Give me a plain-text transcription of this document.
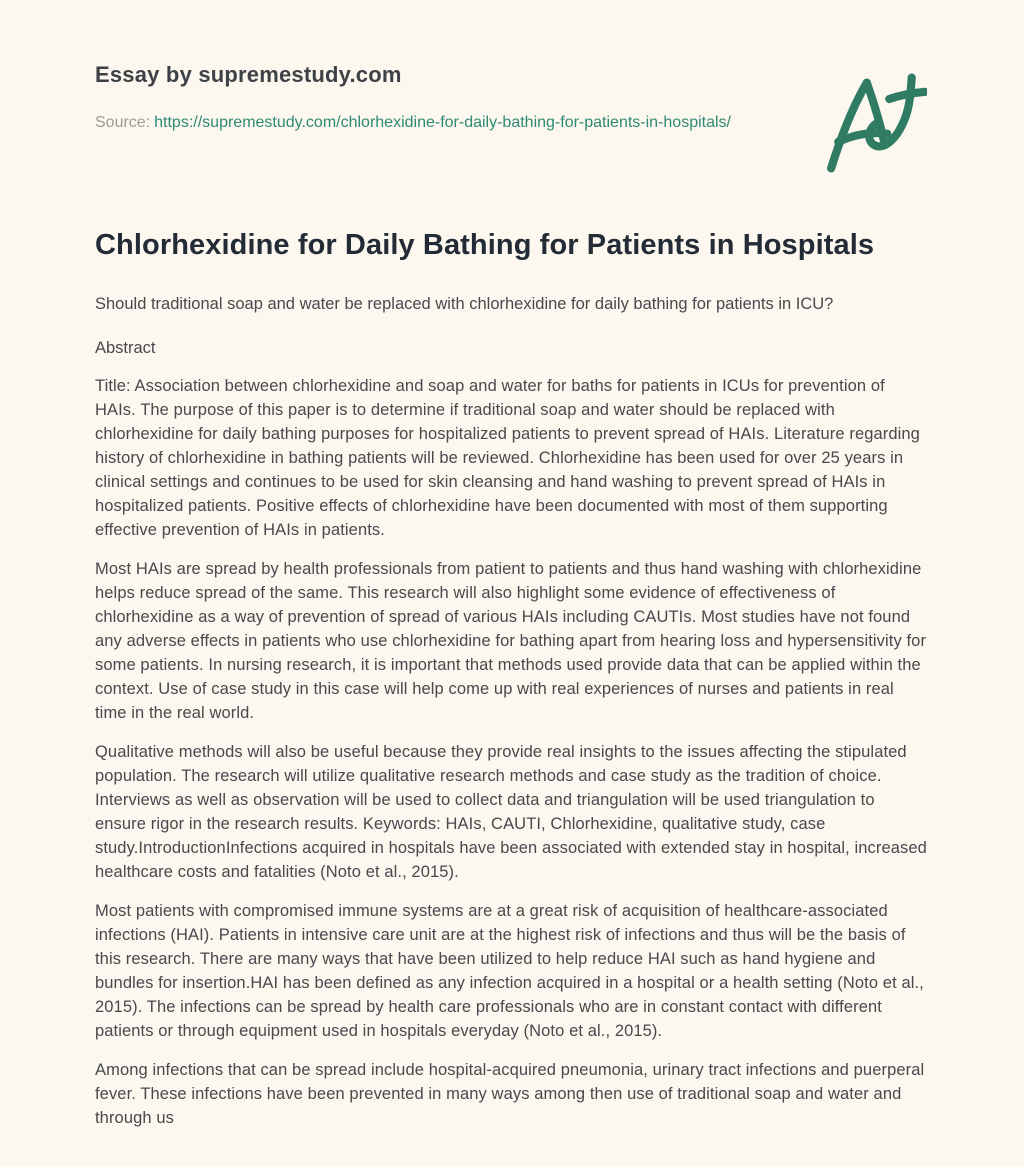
Essay by supremestudy.com
Source: https://supremestudy.com/chlorhexidine-for-daily-bathing-for-patients-in-hospitals/
Chlorhexidine for Daily Bathing for Patients in Hospitals

Should traditional soap and water be replaced with chlorhexidine for daily bathing for patients in ICU?

Abstract

Title: Association between chlorhexidine and soap and water for baths for patients in ICUs for prevention of HAIs. The purpose of this paper is to determine if traditional soap and water should be replaced with chlorhexidine for daily bathing purposes for hospitalized patients to prevent spread of HAIs. Literature regarding history of chlorhexidine in bathing patients will be reviewed. Chlorhexidine has been used for over 25 years in clinical settings and continues to be used for skin cleansing and hand washing to prevent spread of HAIs in hospitalized patients. Positive effects of chlorhexidine have been documented with most of them supporting effective prevention of HAIs in patients.

Most HAIs are spread by health professionals from patient to patients and thus hand washing with chlorhexidine helps reduce spread of the same. This research will also highlight some evidence of effectiveness of chlorhexidine as a way of prevention of spread of various HAIs including CAUTIs. Most studies have not found any adverse effects in patients who use chlorhexidine for bathing apart from hearing loss and hypersensitivity for some patients. In nursing research, it is important that methods used provide data that can be applied within the context. Use of case study in this case will help come up with real experiences of nurses and patients in real time in the real world.

Qualitative methods will also be useful because they provide real insights to the issues affecting the stipulated population. The research will utilize qualitative research methods and case study as the tradition of choice. Interviews as well as observation will be used to collect data and triangulation will be used triangulation to ensure rigor in the research results. Keywords: HAIs, CAUTI, Chlorhexidine, qualitative study, case study.IntroductionInfections acquired in hospitals have been associated with extended stay in hospital, increased healthcare costs and fatalities (Noto et al., 2015).

Most patients with compromised immune systems are at a great risk of acquisition of healthcare-associated infections (HAI). Patients in intensive care unit are at the highest risk of infections and thus will be the basis of this research. There are many ways that have been utilized to help reduce HAI such as hand hygiene and bundles for insertion.HAI has been defined as any infection acquired in a hospital or a health setting (Noto et al., 2015). The infections can be spread by health care professionals who are in constant contact with different patients or through equipment used in hospitals everyday (Noto et al., 2015).

Among infections that can be spread include hospital-acquired pneumonia, urinary tract infections and puerperal fever. These infections have been prevented in many ways among then use of traditional soap and water and through us
